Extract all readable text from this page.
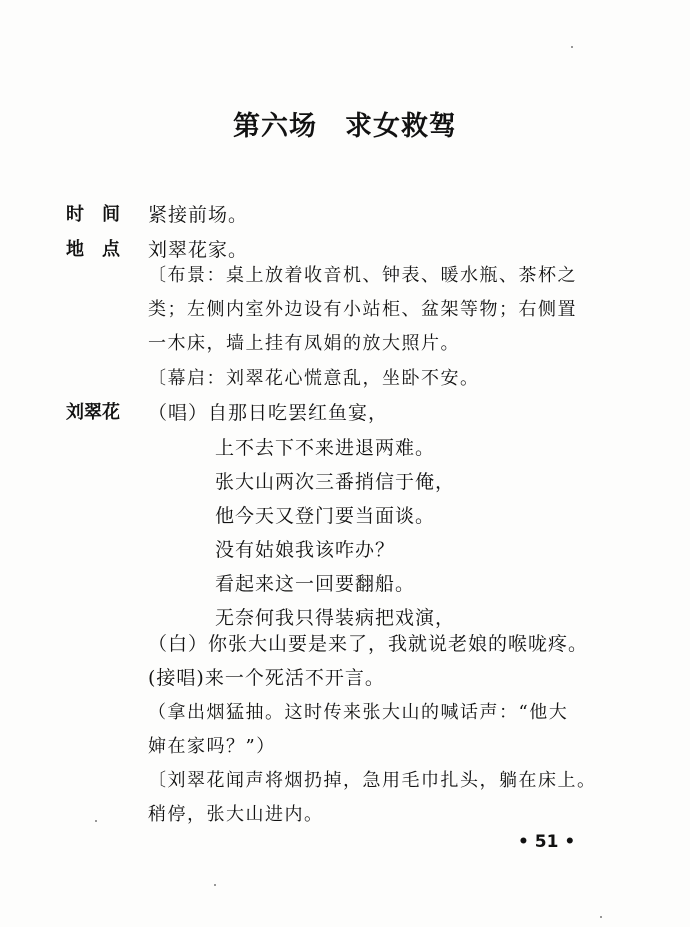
第六场　求女救驾
时　间 紧接前场。
地　点 刘翠花家。
〔布景：桌上放着收音机、钟表、暖水瓶、茶杯之
类；左侧内室外边设有小站柜、盆架等物；右侧置
一木床，墙上挂有凤娟的放大照片。
〔幕启：刘翠花心慌意乱，坐卧不安。
刘翠花 （唱）自那日吃罢红鱼宴，
上不去下不来进退两难。
张大山两次三番捎信于俺，
他今天又登门要当面谈。
没有姑娘我该咋办？
看起来这一回要翻船。
无奈何我只得装病把戏演，
（白）你张大山要是来了，我就说老娘的喉咙疼。
(接唱)来一个死活不开言。
（拿出烟猛抽。这时传来张大山的喊话声：“他大
婶在家吗？”）
〔刘翠花闻声将烟扔掉，急用毛巾扎头，躺在床上。
稍停，张大山进内。
• 51 •
